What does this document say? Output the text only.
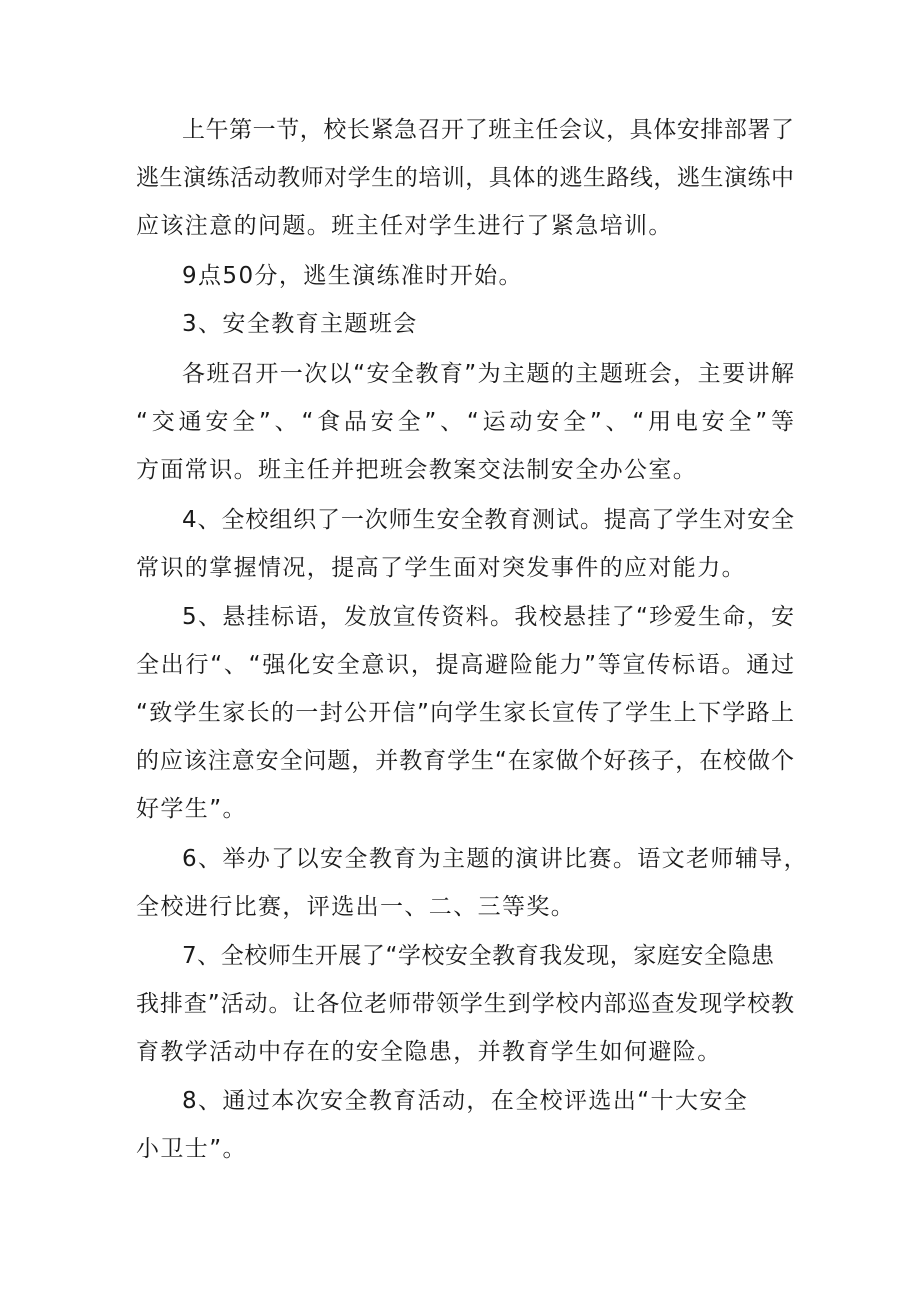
上午第一节，校长紧急召开了班主任会议，具体安排部署了
逃生演练活动教师对学生的培训，具体的逃生路线，逃生演练中
应该注意的问题。班主任对学生进行了紧急培训。
9点50分，逃生演练准时开始。
3、安全教育主题班会
各班召开一次以“安全教育”为主题的主题班会，主要讲解
“交通安全”、“食品安全”、“运动安全”、“用电安全”等
方面常识。班主任并把班会教案交法制安全办公室。
4、全校组织了一次师生安全教育测试。提高了学生对安全
常识的掌握情况，提高了学生面对突发事件的应对能力。
5、悬挂标语，发放宣传资料。我校悬挂了“珍爱生命，安
全出行“、“强化安全意识，提高避险能力”等宣传标语。通过
“致学生家长的一封公开信”向学生家长宣传了学生上下学路上
的应该注意安全问题，并教育学生“在家做个好孩子，在校做个
好学生”。
6、举办了以安全教育为主题的演讲比赛。语文老师辅导，
全校进行比赛，评选出一、二、三等奖。
7、全校师生开展了“学校安全教育我发现，家庭安全隐患
我排查”活动。让各位老师带领学生到学校内部巡查发现学校教
育教学活动中存在的安全隐患，并教育学生如何避险。
8、通过本次安全教育活动，在全校评选出“十大安全
小卫士”。
